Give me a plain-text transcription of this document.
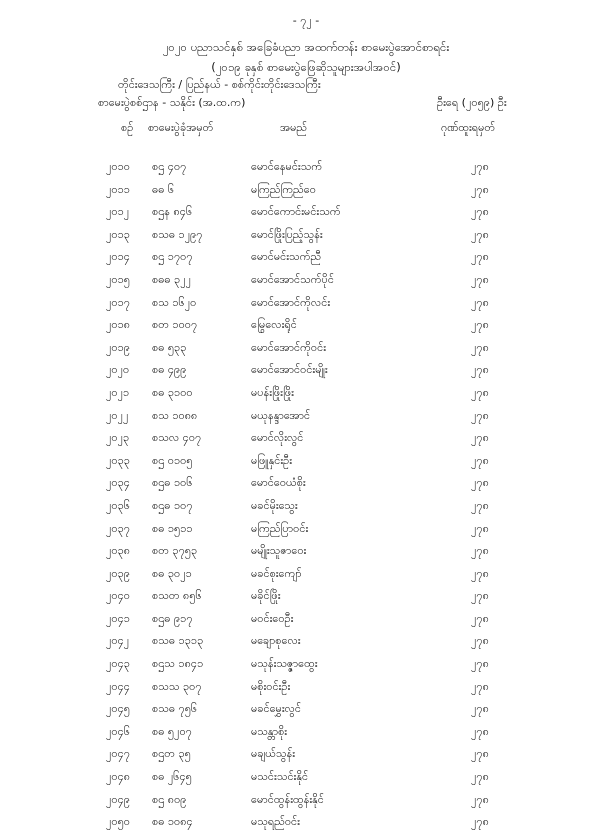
- ၇၂ -
၂၀၂၀ ပညာသင်နှစ် အခြေခံပညာ အထက်တန်း စာမေးပွဲအောင်စာရင်း
(၂၀၁၉ ခုနှစ် စာမေးပွဲဖြေဆိုသူများအပါအဝင်)
တိုင်းဒေသကြီး / ပြည်နယ် - စစ်ကိုင်းတိုင်းဒေသကြီး
စာမေးပွဲစစ်ဌာန - သနိုင်း (အ.ထ.က)	ဦးရေ (၂၀၅၉) ဦး
စဉ် စာမေးပွဲခုံအမှတ်	အမည်	ဂုဏ်ထူးရမှတ်
၂၀၁၀ စဌ ၄၀၇	မောင်နေမင်းသက်	၂၇၈
၂၀၁၁ ဓဓ ၆	မကြည်ကြည်ဝေ	၂၇၈
၂၀၁၂ စဌန ၈၄၆	မောင်ကောင်းမင်းသက်	၂၇၈
၂၀၁၃ စသဓ ၁၂၉၇	မောင်ဖြိုးပြည့်သွန်း	၂၇၈
၂၀၁၄ စဌ ၁၇၀၇	မောင်မင်းသက်ညီ	၂၇၈
၂၀၁၅ စဓဓ ၃၂၂	မောင်အောင်သက်ပိုင်	၂၇၈
၂၀၁၇ စသ ၁၆၂၀	မောင်အောင်ကိုလင်း	၂၇၈
၂၀၁၈ စတ ၁၀၀၇	မြွေလေးရိုင်	၂၇၈
၂၀၁၉ စဓ ၅၃၃	မောင်အောင်ကိုဝင်း	၂၇၈
၂၀၂၀ စဓ ၄၉၉	မောင်အောင်ဝင်းမျိုး	၂၇၈
၂၀၂၁ စဓ ၃၁၀၀	မပန်းဖြိုးဖြိုး	၂၇၈
၂၀၂၂ စသ ၁၀၈၈	မယုနန္ဒာအောင်	၂၇၈
၂၀၂၃ စသလ ၄၀၇	မောင်လိုးလွင်	၂၇၈
၂၀၃၃ စဌ ၀၁၀၅	မဖြူနှင်းဦး	၂၇၈
၂၀၃၄ စဌဓ ၁၀၆	မောင်ဝေယံစိုး	၂၇၈
၂၀၃၆ စဌဓ ၁၀၇	မခင်မိုးသွေး	၂၇၈
၂၀၃၇ စဓ ၁၅၁၁	မကြည်ပြာဝင်း	၂၇၈
၂၀၃၈ စတ ၃၇၅၃	မမျိုးသူဇာဝေး	၂၇၈
၂၀၃၉ စဓ ၃၀၂၁	မခင်စုးကျော်	၂၇၈
၂၀၄၀ စသတ ၈၅၆	မခိုင်ဖြိုး	၂၇၈
၂၀၄၁ စဌဓ ၉၁၇	မဝင်းဝေဦး	၂၇၈
၂၀၄၂ စသဓ ၁၃၁၃	မချောစုလေး	၂၇၈
၂၀၄၃ စဌသ ၁၈၄၁	မသုန်းသဇ္ဇာထွေး	၂၇၈
၂၀၄၄ စသသ ၃၀၇	မစိုးဝင်းဦး	၂၇၈
၂၀၄၅ စသဓ ၇၅၆	မခင်မွှေးလွင်	၂၇၈
၂၀၄၆ စဓ ၅၂၀၇	မသန္တာစိုး	၂၇၈
၂၀၄၇ စဌတ ၃၅	မချယ်သွန်း	၂၇၈
၂၀၄၈ စဓ ၂၆၄၅	မသင်းသင်းနိုင်	၂၇၈
၂၀၄၉ စဌ ၈၀၉	မောင်ထွန်းထွန်းနိုင်	၂၇၈
၂၀၅၀ စဓ ၁၀၈၄	မသုရည်ဝင်း	၂၇၈
